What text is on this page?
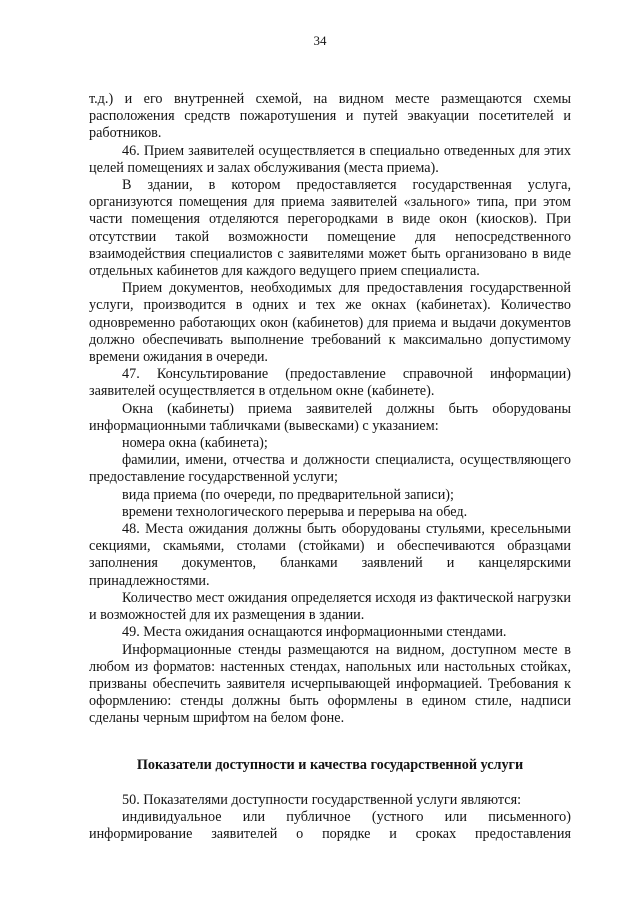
34

т.д.) и его внутренней схемой, на видном месте размещаются схемы расположения средств пожаротушения и путей эвакуации посетителей и работников.

46. Прием заявителей осуществляется в специально отведенных для этих целей помещениях и залах обслуживания (места приема).

В здании, в котором предоставляется государственная услуга, организуются помещения для приема заявителей «зального» типа, при этом части помещения отделяются перегородками в виде окон (киосков). При отсутствии такой возможности помещение для непосредственного взаимодействия специалистов с заявителями может быть организовано в виде отдельных кабинетов для каждого ведущего прием специалиста.

Прием документов, необходимых для предоставления государственной услуги, производится в одних и тех же окнах (кабинетах). Количество одновременно работающих окон (кабинетов) для приема и выдачи документов должно обеспечивать выполнение требований к максимально допустимому времени ожидания в очереди.

47. Консультирование (предоставление справочной информации) заявителей осуществляется в отдельном окне (кабинете).

Окна (кабинеты) приема заявителей должны быть оборудованы информационными табличками (вывесками) с указанием:

номера окна (кабинета);

фамилии, имени, отчества и должности специалиста, осуществляющего предоставление государственной услуги;

вида приема (по очереди, по предварительной записи);

времени технологического перерыва и перерыва на обед.

48. Места ожидания должны быть оборудованы стульями, кресельными секциями, скамьями, столами (стойками) и обеспечиваются образцами заполнения документов, бланками заявлений и канцелярскими принадлежностями.

Количество мест ожидания определяется исходя из фактической нагрузки и возможностей для их размещения в здании.

49. Места ожидания оснащаются информационными стендами.

Информационные стенды размещаются на видном, доступном месте в любом из форматов: настенных стендах, напольных или настольных стойках, призваны обеспечить заявителя исчерпывающей информацией. Требования к оформлению: стенды должны быть оформлены в едином стиле, надписи сделаны черным шрифтом на белом фоне.

Показатели доступности и качества государственной услуги

50. Показателями доступности государственной услуги являются:

индивидуальное или публичное (устного или письменного) информирование заявителей о порядке и сроках предоставления
